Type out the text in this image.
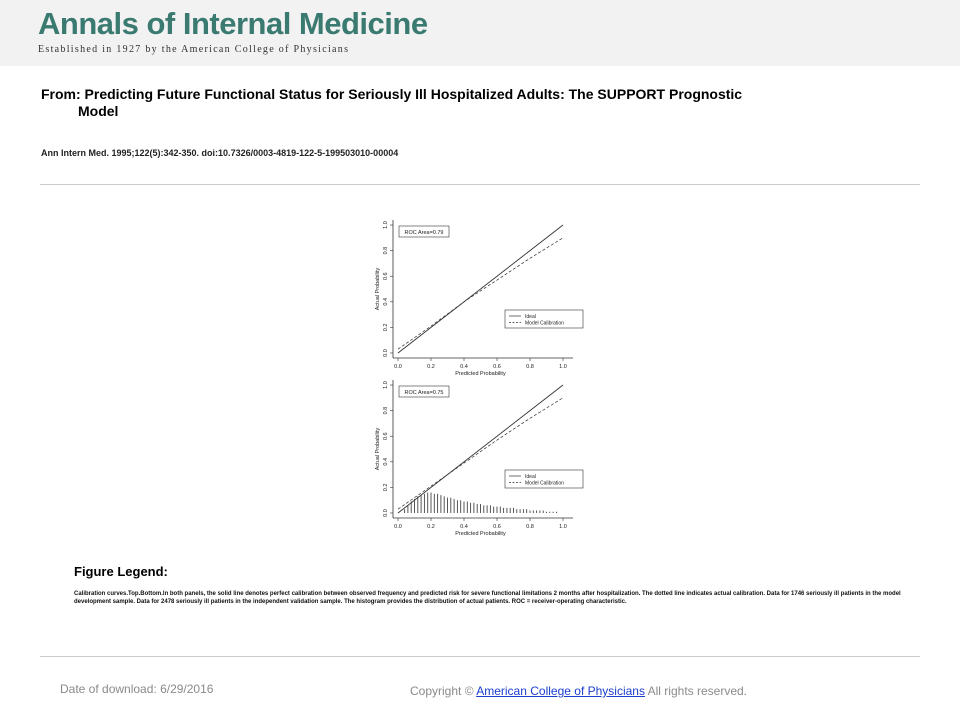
Annals of Internal Medicine
Established in 1927 by the American College of Physicians
From: Predicting Future Functional Status for Seriously Ill Hospitalized Adults: The SUPPORT Prognostic
Model
Ann Intern Med. 1995;122(5):342-350. doi:10.7326/0003-4819-122-5-199503010-00004
0.0	0.2	0.4	0.6	0.8	1.0
0.0
0.2
0.4
0.6
0.8
1.0
Predicted Probability
Actual Probability
ROC Area=0.79
Ideal
Model Calibration
0.0	0.2	0.4	0.6	0.8	1.0
0.0
0.2
0.4
0.6
0.8
1.0
Predicted Probability
Actual Probability
ROC Area=0.75
Ideal
Model Calibration
Figure Legend:
Calibration curves.Top.Bottom.In both panels, the solid line denotes perfect calibration between observed frequency and predicted risk for severe functional limitations 2 months after hospitalization. The dotted line indicates actual calibration. Data for 1746 seriously ill patients in the model development sample. Data for 2478 seriously ill patients in the independent validation sample. The histogram provides the distribution of actual patients. ROC = receiver-operating characteristic.
Date of download: 6/29/2016	Copyright © American College of Physicians All rights reserved.
